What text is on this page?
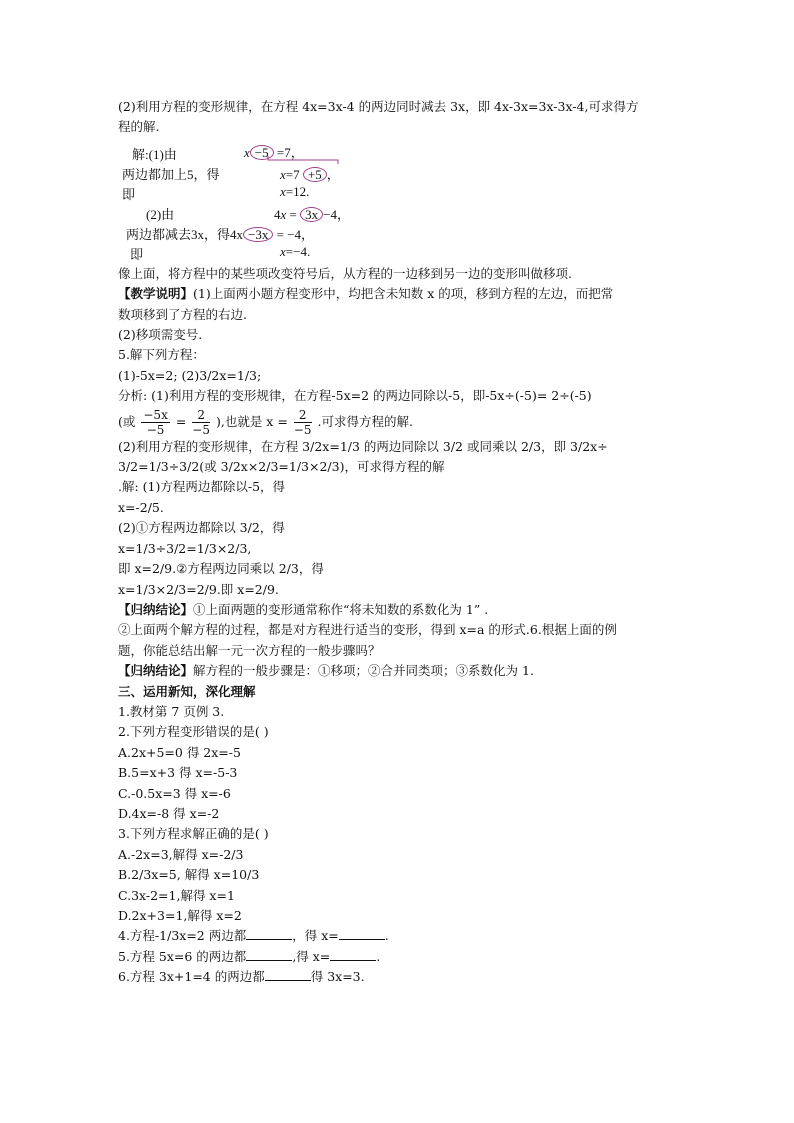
(2)利用方程的变形规律，在方程 4x=3x-4 的两边同时减去 3x，即 4x-3x=3x-3x-4,可求得方
程的解.
解:(1)由	x −5 =7，
两边都加上5，得	x=7 +5 ，
即	x=12.
(2)由	4x = 3x −4，
两边都减去3x，得4x −3x = −4，
即	x=−4.
像上面，将方程中的某些项改变符号后，从方程的一边移到另一边的变形叫做移项.
【教学说明】(1)上面两小题方程变形中，均把含未知数 x 的项，移到方程的左边，而把常
数项移到了方程的右边.
(2)移项需变号.
5.解下列方程：
(1)-5x=2; (2)3/2x=1/3;
分析: (1)利用方程的变形规律，在方程-5x=2 的两边同除以-5，即-5x÷(-5)= 2÷(-5)
(或 $\frac{-5x}{-5} = \frac{2}{-5}$ ),也就是 $x = \frac{2}{-5}$ .可求得方程的解.
(2)利用方程的变形规律，在方程 3/2x=1/3 的两边同除以 3/2 或同乘以 2/3，即 3/2x÷
3/2=1/3÷3/2(或 3/2x×2/3=1/3×2/3)，可求得方程的解
.解: (1)方程两边都除以-5，得
x=-2/5.
(2)①方程两边都除以 3/2，得
x=1/3÷3/2=1/3×2/3,
即 x=2/9.②方程两边同乘以 2/3，得
x=1/3×2/3=2/9.即 x=2/9.
【归纳结论】①上面两题的变形通常称作“将未知数的系数化为 1” .
②上面两个解方程的过程，都是对方程进行适当的变形，得到 x=a 的形式.6.根据上面的例
题，你能总结出解一元一次方程的一般步骤吗？
【归纳结论】解方程的一般步骤是：①移项；②合并同类项；③系数化为 1.
三、运用新知，深化理解
1.教材第 7 页例 3.
2.下列方程变形错误的是( )
A.2x+5=0 得 2x=-5
B.5=x+3 得 x=-5-3
C.-0.5x=3 得 x=-6
D.4x=-8 得 x=-2
3.下列方程求解正确的是( )
A.-2x=3,解得 x=-2/3
B.2/3x=5, 解得 x=10/3
C.3x-2=1,解得 x=1
D.2x+3=1,解得 x=2
4.方程-1/3x=2 两边都	，得 x=	.
5.方程 5x=6 的两边都	,得 x=	.
6.方程 3x+1=4 的两边都	得 3x=3.
